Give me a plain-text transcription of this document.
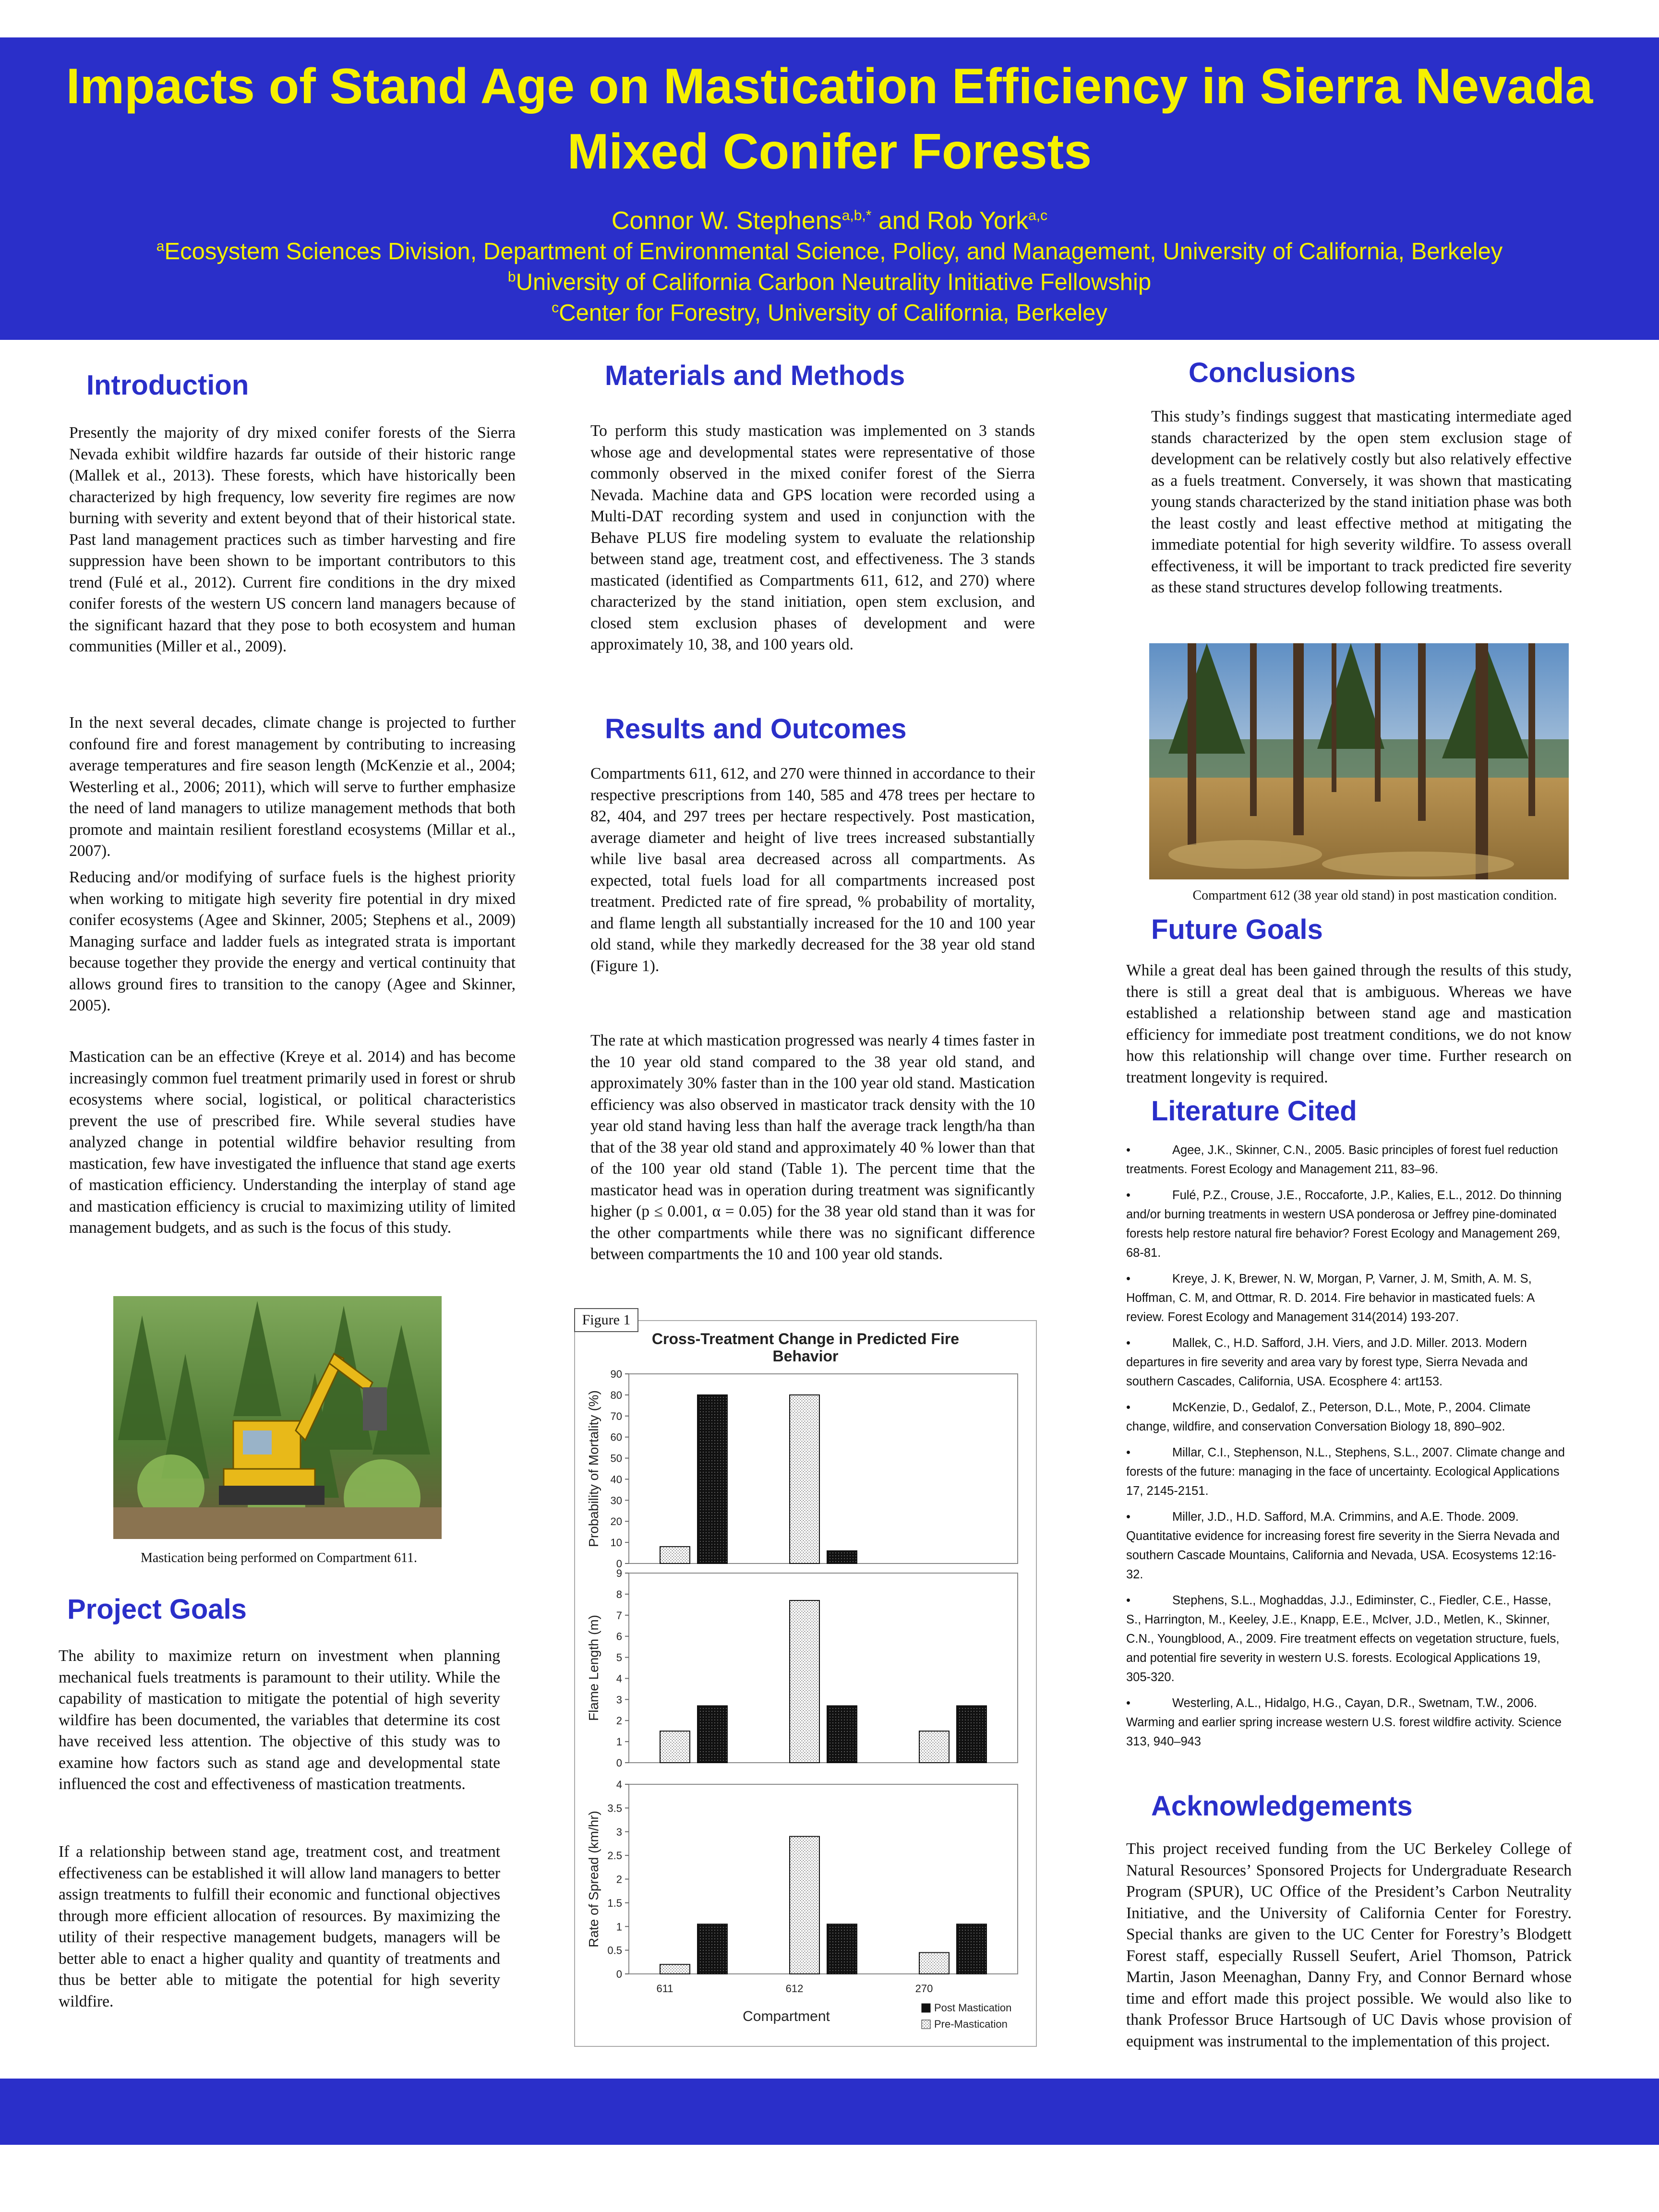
Impacts of Stand Age on Mastication Efficiency in Sierra Nevada
Mixed Conifer Forests
Connor W. Stephens$^{a,b,*}$ and Rob York$^{a,c}$
$^a$Ecosystem Sciences Division, Department of Environmental Science, Policy, and Management, University of California, Berkeley
$^b$University of California Carbon Neutrality Initiative Fellowship
$^c$Center for Forestry, University of California, Berkeley
Introduction

Presently the majority of dry mixed conifer forests of the Sierra Nevada exhibit wildfire hazards far outside of their historic range (Mallek et al., 2013). These forests, which have historically been characterized by high frequency, low severity fire regimes are now burning with severity and extent beyond that of their historical state. Past land management practices such as timber harvesting and fire suppression have been shown to be important contributors to this trend (Fulé et al., 2012). Current fire conditions in the dry mixed conifer forests of the western US concern land managers because of the significant hazard that they pose to both ecosystem and human communities (Miller et al., 2009).

In the next several decades, climate change is projected to further confound fire and forest management by contributing to increasing average temperatures and fire season length (McKenzie et al., 2004; Westerling et al., 2006; 2011), which will serve to further emphasize the need of land managers to utilize management methods that both promote and maintain resilient forestland ecosystems (Millar et al., 2007).

Reducing and/or modifying of surface fuels is the highest priority when working to mitigate high severity fire potential in dry mixed conifer ecosystems (Agee and Skinner, 2005; Stephens et al., 2009) Managing surface and ladder fuels as integrated strata is important because together they provide the energy and vertical continuity that allows ground fires to transition to the canopy (Agee and Skinner, 2005).

Mastication can be an effective (Kreye et al. 2014) and has become increasingly common fuel treatment primarily used in forest or shrub ecosystems where social, logistical, or political characteristics prevent the use of prescribed fire. While several studies have analyzed change in potential wildfire behavior resulting from mastication, few have investigated the influence that stand age exerts of mastication efficiency. Understanding the interplay of stand age and mastication efficiency is crucial to maximizing utility of limited management budgets, and as such is the focus of this study.

Mastication being performed on Compartment 611.

Project Goals

The ability to maximize return on investment when planning mechanical fuels treatments is paramount to their utility. While the capability of mastication to mitigate the potential of high severity wildfire has been documented, the variables that determine its cost have received less attention. The objective of this study was to examine how factors such as stand age and developmental state influenced the cost and effectiveness of mastication treatments.

If a relationship between stand age, treatment cost, and treatment effectiveness can be established it will allow land managers to better assign treatments to fulfill their economic and functional objectives through more efficient allocation of resources. By maximizing the utility of their respective management budgets, managers will be better able to enact a higher quality and quantity of treatments and thus be better able to mitigate the potential for high severity wildfire.

Materials and Methods

To perform this study mastication was implemented on 3 stands whose age and developmental states were representative of those commonly observed in the mixed conifer forest of the Sierra Nevada. Machine data and GPS location were recorded using a Multi-DAT recording system and used in conjunction with the Behave PLUS fire modeling system to evaluate the relationship between stand age, treatment cost, and effectiveness. The 3 stands masticated (identified as Compartments 611, 612, and 270) where characterized by the stand initiation, open stem exclusion, and closed stem exclusion phases of development and were approximately 10, 38, and 100 years old.

Results and Outcomes

Compartments 611, 612, and 270 were thinned in accordance to their respective prescriptions from 140, 585 and 478 trees per hectare to 82, 404, and 297 trees per hectare respectively. Post mastication, average diameter and height of live trees increased substantially while live basal area decreased across all compartments. As expected, total fuels load for all compartments increased post treatment. Predicted rate of fire spread, % probability of mortality, and flame length all substantially increased for the 10 and 100 year old stand, while they markedly decreased for the 38 year old stand (Figure 1).

The rate at which mastication progressed was nearly 4 times faster in the 10 year old stand compared to the 38 year old stand, and approximately 30% faster than in the 100 year old stand. Mastication efficiency was also observed in masticator track density with the 10 year old stand having less than half the average track length/ha than that of the 38 year old stand and approximately 40 % lower than that of the 100 year old stand (Table 1). The percent time that the masticator head was in operation during treatment was significantly higher (p ≤ 0.001, α = 0.05) for the 38 year old stand than it was for the other compartments while there was no significant difference between compartments the 10 and 100 year old stands.

Cross-Treatment Change in Predicted Fire
Behavior
0
10
20
30
40
50
60
70
80
90
Probability of Mortality (%)
0
1
2
3
4
5
6
7
8
9
Flame Length (m)
0
0.5
1
1.5
2
2.5
3
3.5
4
Rate of Spread (km/hr)
611	612	270
Compartment
Post Mastication
Pre-Mastication
Figure 1
Conclusions

This study’s findings suggest that masticating intermediate aged stands characterized by the open stem exclusion stage of development can be relatively costly but also relatively effective as a fuels treatment. Conversely, it was shown that masticating young stands characterized by the stand initiation phase was both the least costly and least effective method at mitigating the immediate potential for high severity wildfire. To assess overall effectiveness, it will be important to track predicted fire severity as these stand structures develop following treatments.

Compartment 612 (38 year old stand) in post mastication condition.

Future Goals

While a great deal has been gained through the results of this study, there is still a great deal that is ambiguous. Whereas we have established a relationship between stand age and mastication efficiency for immediate post treatment conditions, we do not know how this relationship will change over time. Further research on treatment longevity is required.

Literature Cited
•	Agee, J.K., Skinner, C.N., 2005. Basic principles of forest fuel reduction treatments. Forest Ecology and Management 211, 83–96.
•	Fulé, P.Z., Crouse, J.E., Roccaforte, J.P., Kalies, E.L., 2012. Do thinning and/or burning treatments in western USA ponderosa or Jeffrey pine-dominated forests help restore natural fire behavior? Forest Ecology and Management 269, 68-81.
•	Kreye, J. K, Brewer, N. W, Morgan, P, Varner, J. M, Smith, A. M. S, Hoffman, C. M, and Ottmar, R. D. 2014. Fire behavior in masticated fuels: A review. Forest Ecology and Management 314(2014) 193-207.
•	Mallek, C., H.D. Safford, J.H. Viers, and J.D. Miller. 2013. Modern departures in fire severity and area vary by forest type, Sierra Nevada and southern Cascades, California, USA. Ecosphere 4: art153.
•	McKenzie, D., Gedalof, Z., Peterson, D.L., Mote, P., 2004. Climate change, wildfire, and conservation Conversation Biology 18, 890–902.
•	Millar, C.I., Stephenson, N.L., Stephens, S.L., 2007. Climate change and forests of the future: managing in the face of uncertainty. Ecological Applications 17, 2145-2151.
•	Miller, J.D., H.D. Safford, M.A. Crimmins, and A.E. Thode. 2009. Quantitative evidence for increasing forest fire severity in the Sierra Nevada and southern Cascade Mountains, California and Nevada, USA. Ecosystems 12:16-32.
•	Stephens, S.L., Moghaddas, J.J., Ediminster, C., Fiedler, C.E., Hasse, S., Harrington, M., Keeley, J.E., Knapp, E.E., McIver, J.D., Metlen, K., Skinner, C.N., Youngblood, A., 2009. Fire treatment effects on vegetation structure, fuels, and potential fire severity in western U.S. forests. Ecological Applications 19, 305-320.
•	Westerling, A.L., Hidalgo, H.G., Cayan, D.R., Swetnam, T.W., 2006. Warming and earlier spring increase western U.S. forest wildfire activity. Science 313, 940–943
Acknowledgements

This project received funding from the UC Berkeley College of Natural Resources’ Sponsored Projects for Undergraduate Research Program (SPUR), UC Office of the President’s Carbon Neutrality Initiative, and the University of California Center for Forestry. Special thanks are given to the UC Center for Forestry’s Blodgett Forest staff, especially Russell Seufert, Ariel Thomson, Patrick Martin, Jason Meenaghan, Danny Fry, and Connor Bernard whose time and effort made this project possible. We would also like to thank Professor Bruce Hartsough of UC Davis whose provision of equipment was instrumental to the implementation of this project.
